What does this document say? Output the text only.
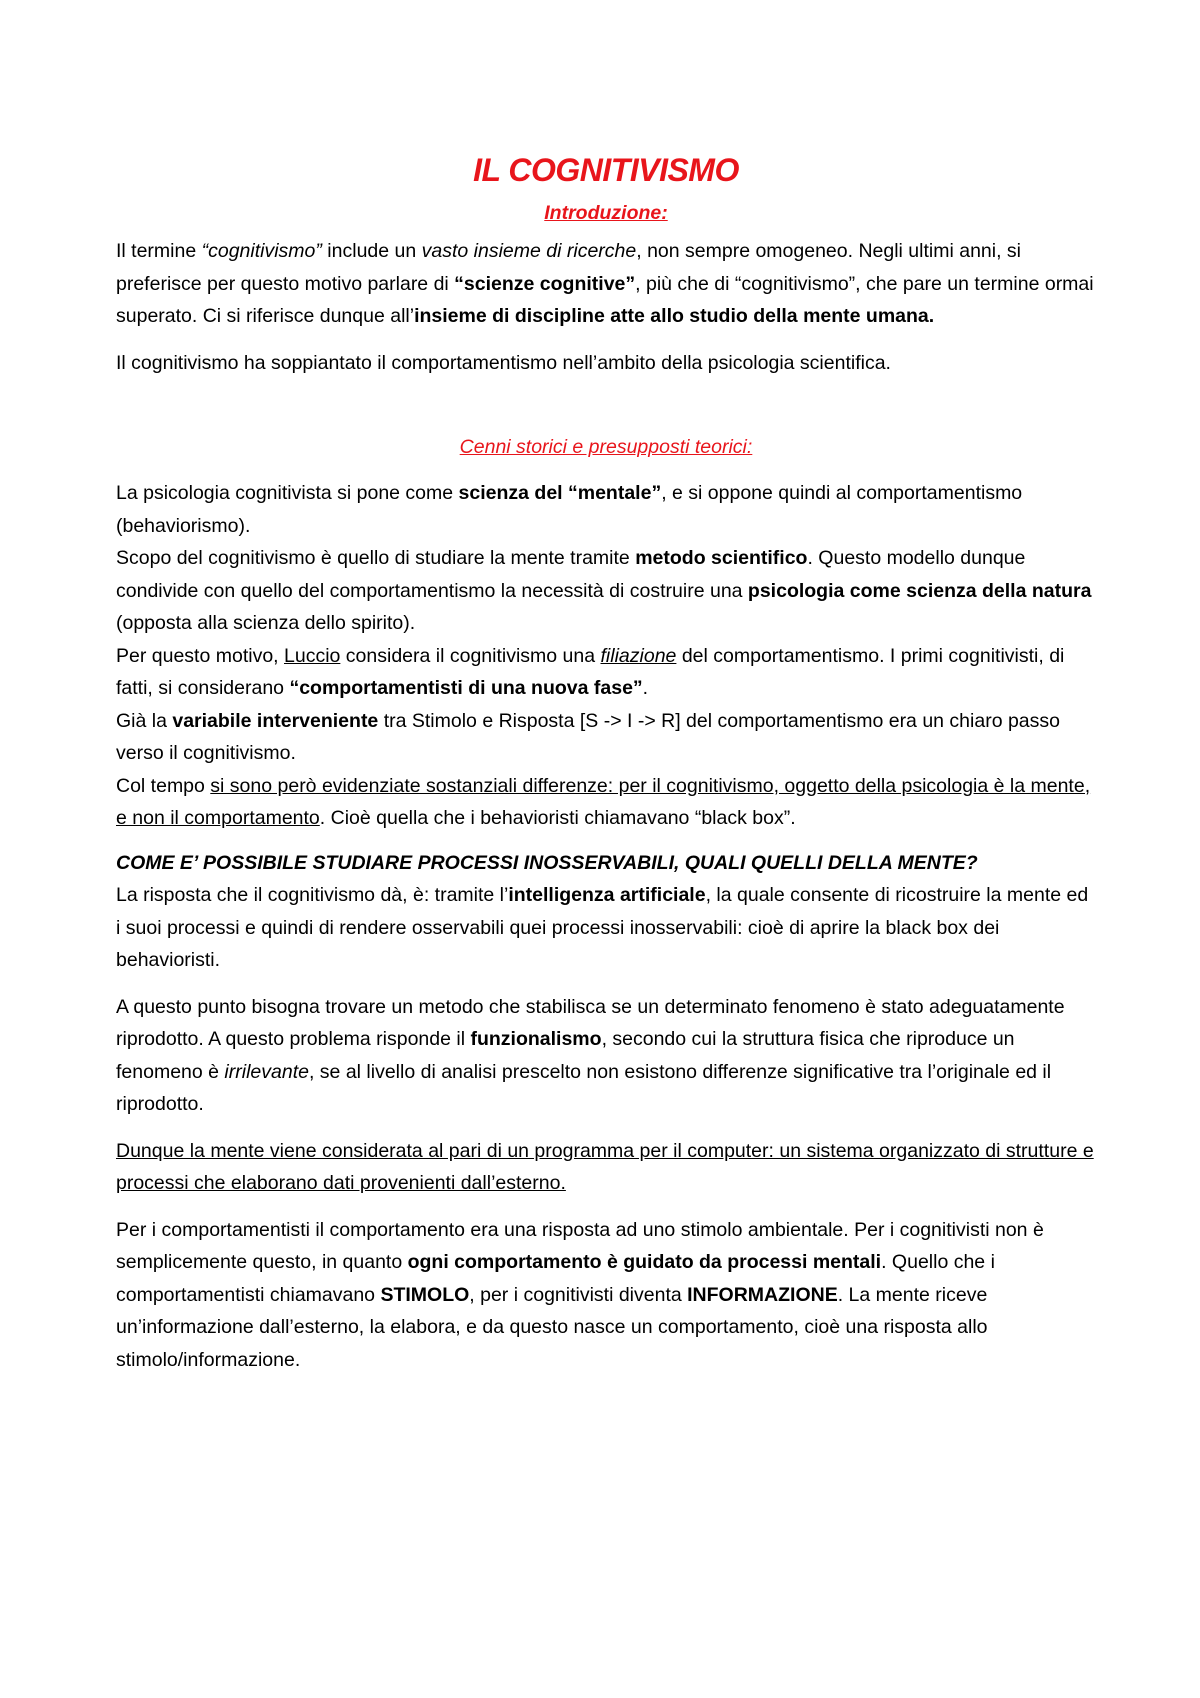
IL COGNITIVISMO

Introduzione:

Il termine “cognitivismo” include un vasto insieme di ricerche, non sempre omogeneo. Negli ultimi anni, si preferisce per questo motivo parlare di “scienze cognitive”, più che di “cognitivismo”, che pare un termine ormai superato. Ci si riferisce dunque all’insieme di discipline atte allo studio della mente umana.

Il cognitivismo ha soppiantato il comportamentismo nell’ambito della psicologia scientifica.

Cenni storici e presupposti teorici:

La psicologia cognitivista si pone come scienza del “mentale”, e si oppone quindi al comportamentismo (behaviorismo).

Scopo del cognitivismo è quello di studiare la mente tramite metodo scientifico. Questo modello dunque condivide con quello del comportamentismo la necessità di costruire una psicologia come scienza della natura (opposta alla scienza dello spirito).

Per questo motivo, Luccio considera il cognitivismo una filiazione del comportamentismo. I primi cognitivisti, di fatti, si considerano “comportamentisti di una nuova fase”.

Già la variabile interveniente tra Stimolo e Risposta [S -> I -> R] del comportamentismo era un chiaro passo verso il cognitivismo.

Col tempo si sono però evidenziate sostanziali differenze: per il cognitivismo, oggetto della psicologia è la mente, e non il comportamento. Cioè quella che i behavioristi chiamavano “black box”.

COME E’ POSSIBILE STUDIARE PROCESSI INOSSERVABILI, QUALI QUELLI DELLA MENTE?

La risposta che il cognitivismo dà, è: tramite l’intelligenza artificiale, la quale consente di ricostruire la mente ed i suoi processi e quindi di rendere osservabili quei processi inosservabili: cioè di aprire la black box dei behavioristi.

A questo punto bisogna trovare un metodo che stabilisca se un determinato fenomeno è stato adeguatamente riprodotto. A questo problema risponde il funzionalismo, secondo cui la struttura fisica che riproduce un fenomeno è irrilevante, se al livello di analisi prescelto non esistono differenze significative tra l’originale ed il riprodotto.

Dunque la mente viene considerata al pari di un programma per il computer: un sistema organizzato di strutture e processi che elaborano dati provenienti dall’esterno.

Per i comportamentisti il comportamento era una risposta ad uno stimolo ambientale. Per i cognitivisti non è semplicemente questo, in quanto ogni comportamento è guidato da processi mentali. Quello che i comportamentisti chiamavano STIMOLO, per i cognitivisti diventa INFORMAZIONE. La mente riceve un’informazione dall’esterno, la elabora, e da questo nasce un comportamento, cioè una risposta allo stimolo/informazione.
